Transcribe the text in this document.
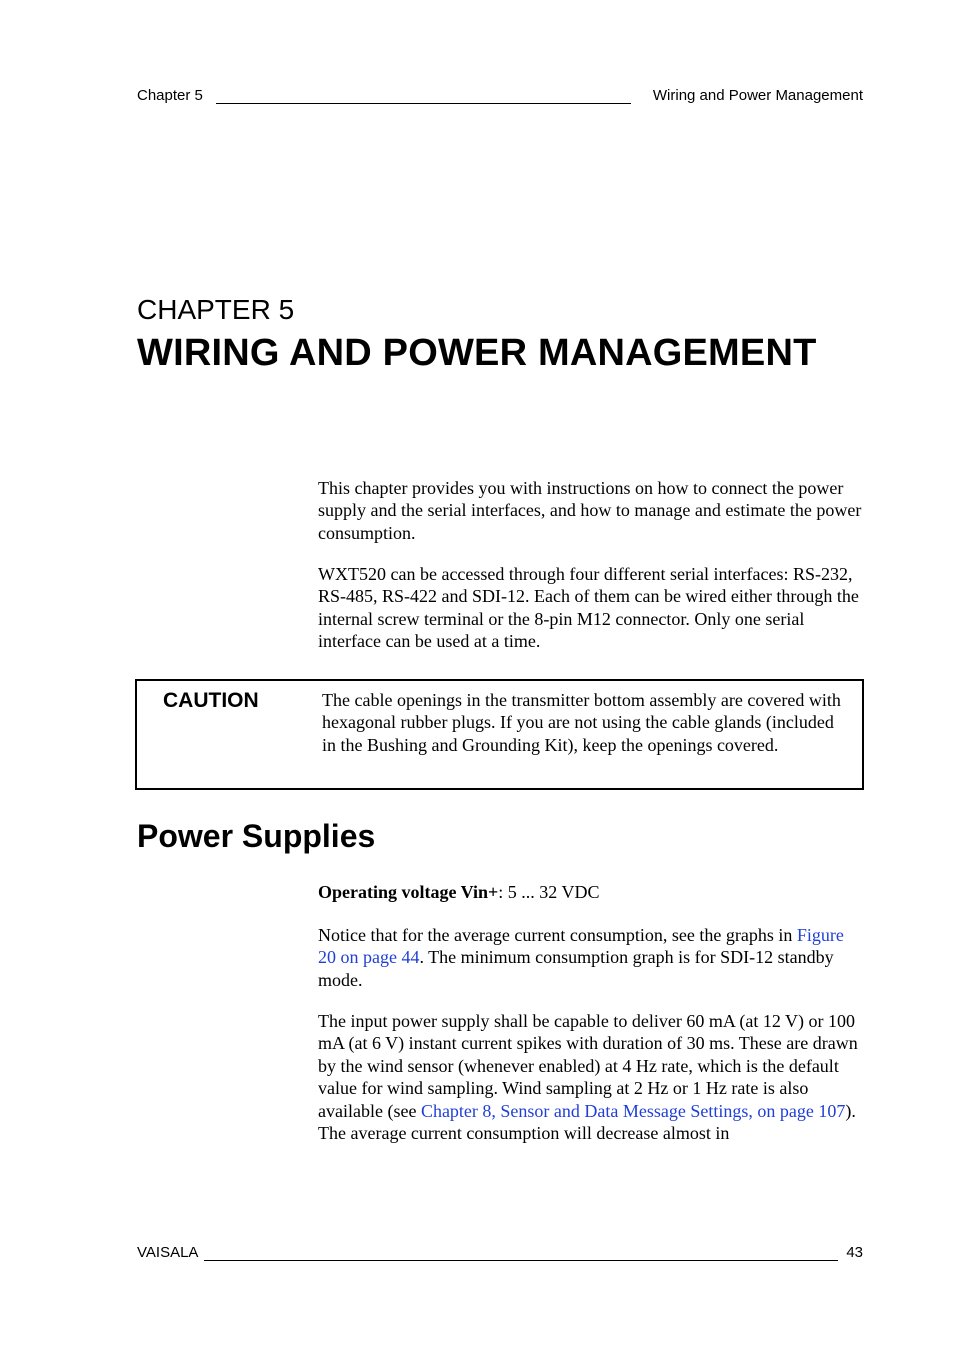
Chapter 5	Wiring and Power Management
CHAPTER 5
WIRING AND POWER MANAGEMENT

This chapter provides you with instructions on how to connect the power supply and the serial interfaces, and how to manage and estimate the power consumption.

WXT520 can be accessed through four different serial interfaces: RS-232, RS-485, RS-422 and SDI-12. Each of them can be wired either through the internal screw terminal or the 8-pin M12 connector. Only one serial interface can be used at a time.

CAUTION	The cable openings in the transmitter bottom assembly are covered with hexagonal rubber plugs. If you are not using the cable glands (included in the Bushing and Grounding Kit), keep the openings covered.

Power Supplies

Operating voltage Vin+: 5 ... 32 VDC

Notice that for the average current consumption, see the graphs in Figure 20 on page 44. The minimum consumption graph is for SDI-12 standby mode.

The input power supply shall be capable to deliver 60 mA (at 12 V) or 100 mA (at 6 V) instant current spikes with duration of 30 ms. These are drawn by the wind sensor (whenever enabled) at 4 Hz rate, which is the default value for wind sampling. Wind sampling at 2 Hz or 1 Hz rate is also available (see Chapter 8, Sensor and Data Message Settings, on page 107). The average current consumption will decrease almost in

VAISALA	43
